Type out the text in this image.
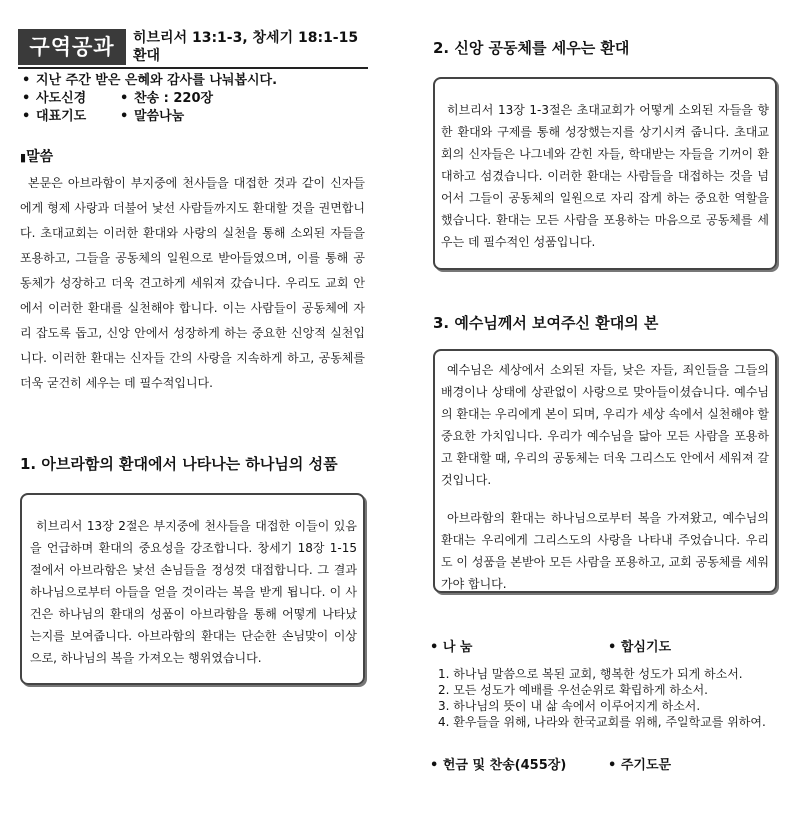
구역공과	히브리서 13:1-3, 창세기 18:1-15 환대
• 지난 주간 받은 은혜와 감사를 나눠봅시다.
• 사도신경	• 찬송 : 220장
• 대표기도	• 말씀나눔
▮말씀
본문은 아브라함이 부지중에 천사들을 대접한 것과 같이 신자들에게 형제 사랑과 더불어 낯선 사람들까지도 환대할 것을 권면합니다. 초대교회는 이러한 환대와 사랑의 실천을 통해 소외된 자들을 포용하고, 그들을 공동체의 일원으로 받아들였으며, 이를 통해 공동체가 성장하고 더욱 견고하게 세워져 갔습니다. 우리도 교회 안에서 이러한 환대를 실천해야 합니다. 이는 사람들이 공동체에 자리 잡도록 돕고, 신앙 안에서 성장하게 하는 중요한 신앙적 실천입니다. 이러한 환대는 신자들 간의 사랑을 지속하게 하고, 공동체를 더욱 굳건히 세우는 데 필수적입니다.
1. 아브라함의 환대에서 나타나는 하나님의 성품

히브리서 13장 2절은 부지중에 천사들을 대접한 이들이 있음을 언급하며 환대의 중요성을 강조합니다. 창세기 18장 1-15절에서 아브라함은 낯선 손님들을 정성껏 대접합니다. 그 결과 하나님으로부터 아들을 얻을 것이라는 복을 받게 됩니다. 이 사건은 하나님의 환대의 성품이 아브라함을 통해 어떻게 나타났는지를 보여줍니다. 아브라함의 환대는 단순한 손님맞이 이상으로, 하나님의 복을 가져오는 행위였습니다.

2. 신앙 공동체를 세우는 환대

히브리서 13장 1-3절은 초대교회가 어떻게 소외된 자들을 향한 환대와 구제를 통해 성장했는지를 상기시켜 줍니다. 초대교회의 신자들은 나그네와 갇힌 자들, 학대받는 자들을 기꺼이 환대하고 섬겼습니다. 이러한 환대는 사람들을 대접하는 것을 넘어서 그들이 공동체의 일원으로 자리 잡게 하는 중요한 역할을 했습니다. 환대는 모든 사람을 포용하는 마음으로 공동체를 세우는 데 필수적인 성품입니다.

3. 예수님께서 보여주신 환대의 본

예수님은 세상에서 소외된 자들, 낮은 자들, 죄인들을 그들의 배경이나 상태에 상관없이 사랑으로 맞아들이셨습니다. 예수님의 환대는 우리에게 본이 되며, 우리가 세상 속에서 실천해야 할 중요한 가치입니다. 우리가 예수님을 닮아 모든 사람을 포용하고 환대할 때, 우리의 공동체는 더욱 그리스도 안에서 세워져 갈 것입니다.

아브라함의 환대는 하나님으로부터 복을 가져왔고, 예수님의 환대는 우리에게 그리스도의 사랑을 나타내 주었습니다. 우리도 이 성품을 본받아 모든 사람을 포용하고, 교회 공동체를 세워가야 합니다.

• 나 눔	• 합심기도
1. 하나님 말씀으로 복된 교회, 행복한 성도가 되게 하소서.
2. 모든 성도가 예배를 우선순위로 확립하게 하소서.
3. 하나님의 뜻이 내 삶 속에서 이루어지게 하소서.
4. 환우들을 위해, 나라와 한국교회를 위해, 주일학교를 위하여.
• 헌금 및 찬송(455장)	• 주기도문
